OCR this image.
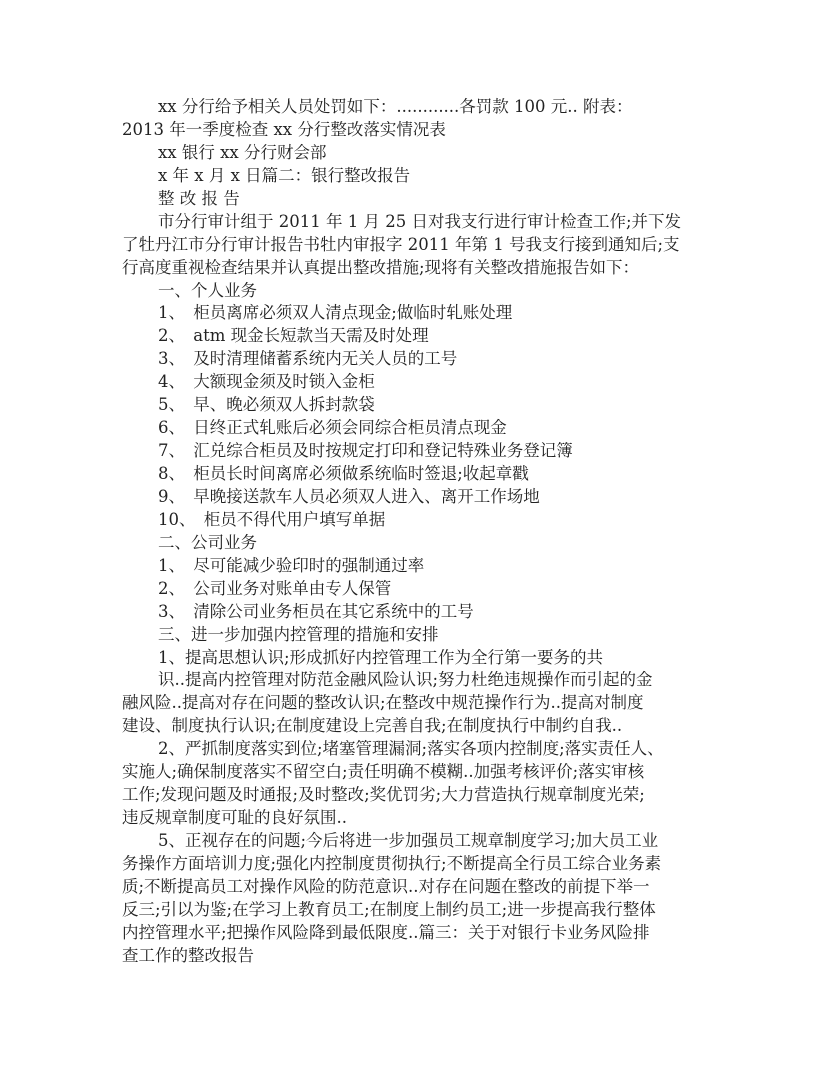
xx 分行给予相关人员处罚如下：............各罚款 100 元.. 附表：
2013 年一季度检查 xx 分行整改落实情况表
xx 银行 xx 分行财会部
x 年 x 月 x 日篇二：银行整改报告
整 改 报 告
市分行审计组于 2011 年 1 月 25 日对我支行进行审计检查工作;并下发
了牡丹江市分行审计报告书牡内审报字 2011 年第 1 号我支行接到通知后;支
行高度重视检查结果并认真提出整改措施;现将有关整改措施报告如下：
一、个人业务
1、　柜员离席必须双人清点现金;做临时轧账处理
2、　atm 现金长短款当天需及时处理
3、　及时清理储蓄系统内无关人员的工号
4、　大额现金须及时锁入金柜
5、　早、晚必须双人拆封款袋
6、　日终正式轧账后必须会同综合柜员清点现金
7、　汇兑综合柜员及时按规定打印和登记特殊业务登记簿
8、　柜员长时间离席必须做系统临时签退;收起章戳
9、　早晚接送款车人员必须双人进入、离开工作场地
10、　柜员不得代用户填写单据
二、公司业务
1、　尽可能减少验印时的强制通过率
2、　公司业务对账单由专人保管
3、　清除公司业务柜员在其它系统中的工号
三、进一步加强内控管理的措施和安排
1、提高思想认识;形成抓好内控管理工作为全行第一要务的共
识..提高内控管理对防范金融风险认识;努力杜绝违规操作而引起的金
融风险..提高对存在问题的整改认识;在整改中规范操作行为..提高对制度
建设、制度执行认识;在制度建设上完善自我;在制度执行中制约自我..
2、严抓制度落实到位;堵塞管理漏洞;落实各项内控制度;落实责任人、
实施人;确保制度落实不留空白;责任明确不模糊..加强考核评价;落实审核
工作;发现问题及时通报;及时整改;奖优罚劣;大力营造执行规章制度光荣;
违反规章制度可耻的良好氛围..
5、正视存在的问题;今后将进一步加强员工规章制度学习;加大员工业
务操作方面培训力度;强化内控制度贯彻执行;不断提高全行员工综合业务素
质;不断提高员工对操作风险的防范意识..对存在问题在整改的前提下举一
反三;引以为鉴;在学习上教育员工;在制度上制约员工;进一步提高我行整体
内控管理水平;把操作风险降到最低限度..篇三：关于对银行卡业务风险排
查工作的整改报告
